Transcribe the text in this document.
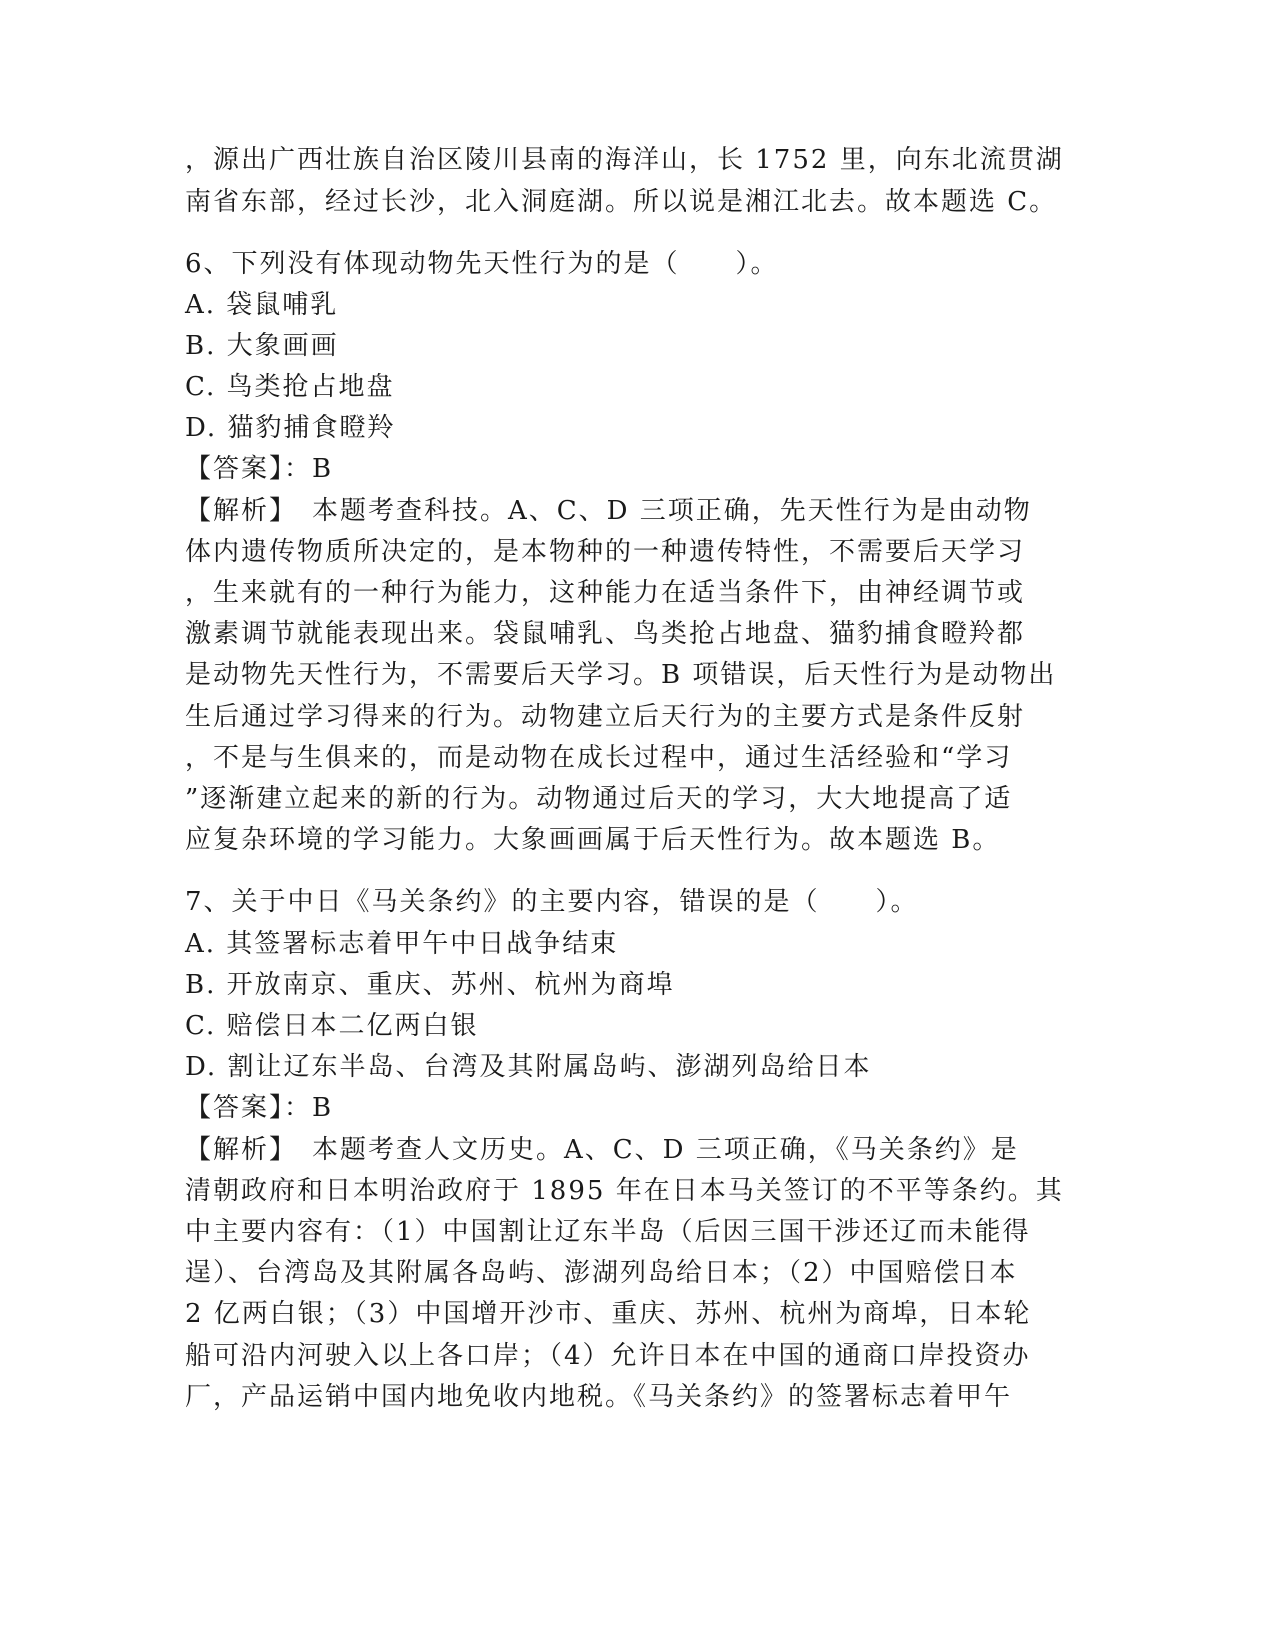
，源出广西壮族自治区陵川县南的海洋山，长 1752 里，向东北流贯湖
南省东部，经过长沙，北入洞庭湖。所以说是湘江北去。故本题选 C。
6、下列没有体现动物先天性行为的是（　　）。
A. 袋鼠哺乳
B. 大象画画
C. 鸟类抢占地盘
D. 猫豹捕食瞪羚
【答案】：B
【解析】　本题考查科技。A、C、D 三项正确，先天性行为是由动物
体内遗传物质所决定的，是本物种的一种遗传特性，不需要后天学习
，生来就有的一种行为能力，这种能力在适当条件下，由神经调节或
激素调节就能表现出来。袋鼠哺乳、鸟类抢占地盘、猫豹捕食瞪羚都
是动物先天性行为，不需要后天学习。B 项错误，后天性行为是动物出
生后通过学习得来的行为。动物建立后天行为的主要方式是条件反射
，不是与生俱来的，而是动物在成长过程中，通过生活经验和“学习
”逐渐建立起来的新的行为。动物通过后天的学习，大大地提高了适
应复杂环境的学习能力。大象画画属于后天性行为。故本题选 B。
7、关于中日《马关条约》的主要内容，错误的是（　　）。
A. 其签署标志着甲午中日战争结束
B. 开放南京、重庆、苏州、杭州为商埠
C. 赔偿日本二亿两白银
D. 割让辽东半岛、台湾及其附属岛屿、澎湖列岛给日本
【答案】：B
【解析】　本题考查人文历史。A、C、D 三项正确，《马关条约》是
清朝政府和日本明治政府于 1895 年在日本马关签订的不平等条约。其
中主要内容有：（1）中国割让辽东半岛（后因三国干涉还辽而未能得
逞）、台湾岛及其附属各岛屿、澎湖列岛给日本；（2）中国赔偿日本
2 亿两白银；（3）中国增开沙市、重庆、苏州、杭州为商埠，日本轮
船可沿内河驶入以上各口岸；（4）允许日本在中国的通商口岸投资办
厂，产品运销中国内地免收内地税。《马关条约》的签署标志着甲午
